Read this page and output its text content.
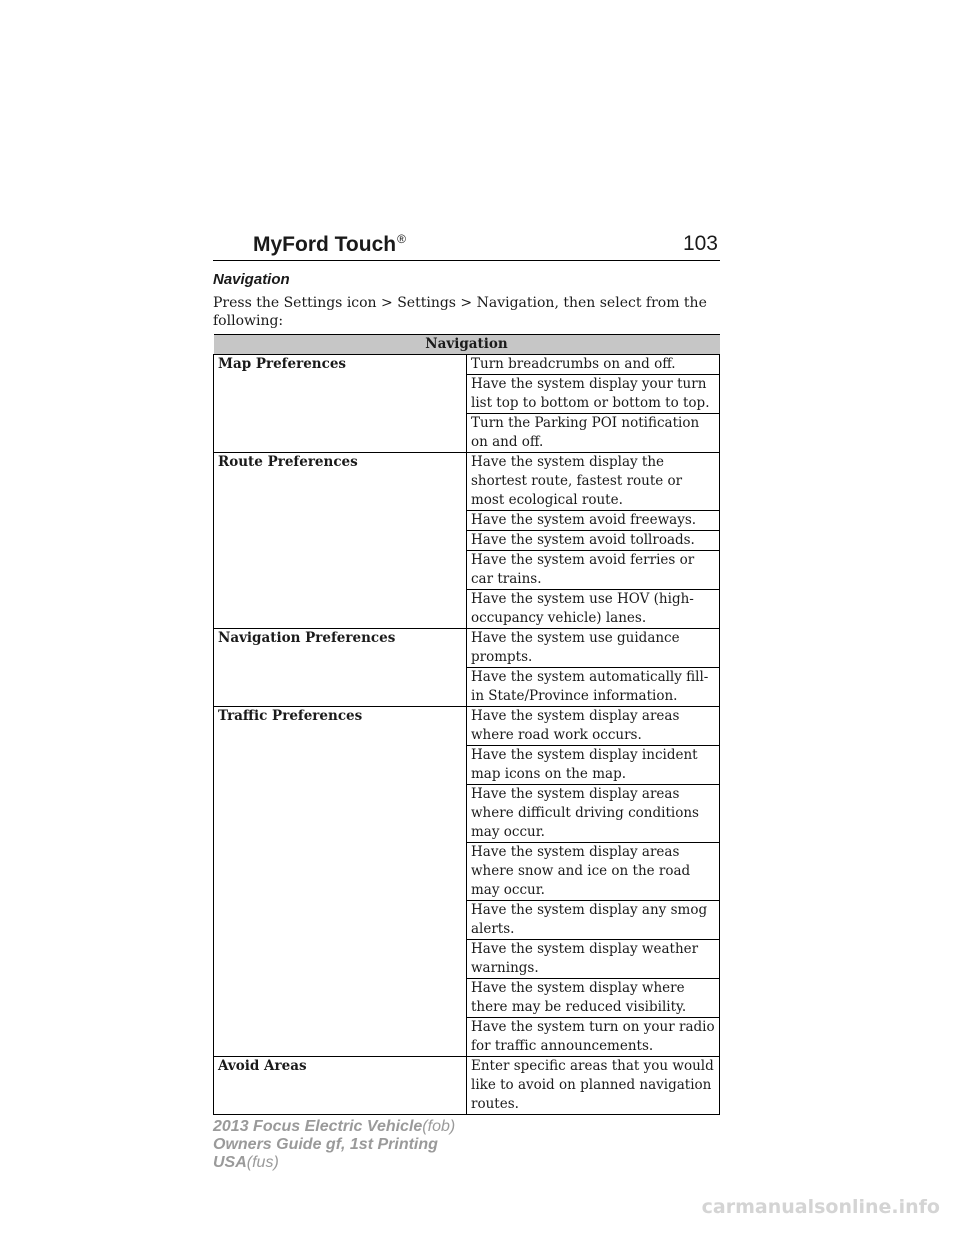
MyFord Touch®	103
Navigation
Press the Settings icon > Settings > Navigation, then select from the following:
Navigation	
Map Preferences	Turn breadcrumbs on and off.
	Have the system display your turn list top to bottom or bottom to top.
	Turn the Parking POI notification on and off.
Route Preferences	Have the system display the shortest route, fastest route or most ecological route.
	Have the system avoid freeways.
	Have the system avoid tollroads.
	Have the system avoid ferries or car trains.
	Have the system use HOV (high-occupancy vehicle) lanes.
Navigation Preferences	Have the system use guidance prompts.
	Have the system automatically fill-in State/Province information.
Traffic Preferences	Have the system display areas where road work occurs.
	Have the system display incident map icons on the map.
	Have the system display areas where difficult driving conditions may occur.
	Have the system display areas where snow and ice on the road may occur.
	Have the system display any smog alerts.
	Have the system display weather warnings.
	Have the system display where there may be reduced visibility.
	Have the system turn on your radio for traffic announcements.
Avoid Areas	Enter specific areas that you would like to avoid on planned navigation routes.
2013 Focus Electric Vehicle(fob)
Owners Guide gf, 1st Printing
USA(fus)
carmanualsonline.info
